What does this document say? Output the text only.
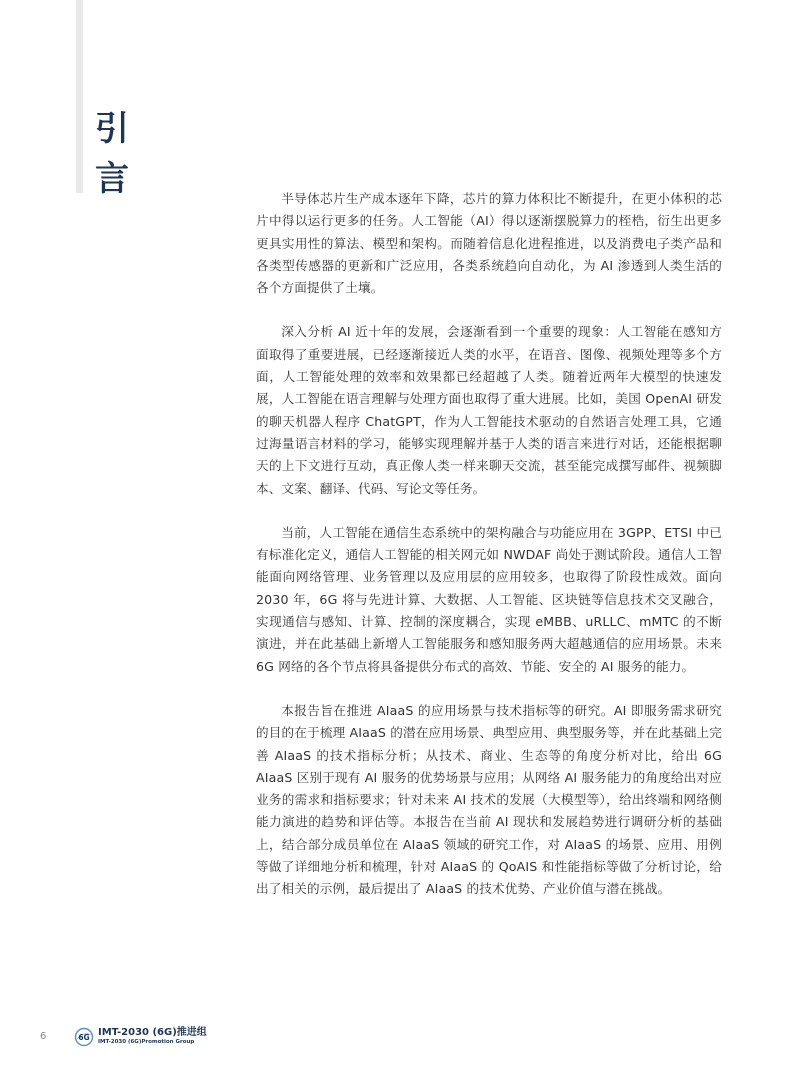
引
言	半导体芯片生产成本逐年下降，芯片的算力体积比不断提升，在更小体积的芯片中得以运行更多的任务。人工智能（AI）得以逐渐摆脱算力的桎梏，衍生出更多更具实用性的算法、模型和架构。而随着信息化进程推进，以及消费电子类产品和各类型传感器的更新和广泛应用，各类系统趋向自动化，为 AI 渗透到人类生活的各个方面提供了土壤。

深入分析 AI 近十年的发展，会逐渐看到一个重要的现象：人工智能在感知方面取得了重要进展，已经逐渐接近人类的水平，在语音、图像、视频处理等多个方面，人工智能处理的效率和效果都已经超越了人类。随着近两年大模型的快速发展，人工智能在语言理解与处理方面也取得了重大进展。比如，美国 OpenAI 研发的聊天机器人程序 ChatGPT，作为人工智能技术驱动的自然语言处理工具，它通过海量语言材料的学习，能够实现理解并基于人类的语言来进行对话，还能根据聊天的上下文进行互动，真正像人类一样来聊天交流，甚至能完成撰写邮件、视频脚本、文案、翻译、代码、写论文等任务。

当前，人工智能在通信生态系统中的架构融合与功能应用在 3GPP、ETSI 中已有标准化定义，通信人工智能的相关网元如 NWDAF 尚处于测试阶段。通信人工智能面向网络管理、业务管理以及应用层的应用较多，也取得了阶段性成效。面向 2030 年，6G 将与先进计算、大数据、人工智能、区块链等信息技术交叉融合，实现通信与感知、计算、控制的深度耦合，实现 eMBB、uRLLC、mMTC 的不断演进，并在此基础上新增人工智能服务和感知服务两大超越通信的应用场景。未来 6G 网络的各个节点将具备提供分布式的高效、节能、安全的 AI 服务的能力。

本报告旨在推进 AIaaS 的应用场景与技术指标等的研究。AI 即服务需求研究的目的在于梳理 AIaaS 的潜在应用场景、典型应用、典型服务等，并在此基础上完善 AIaaS 的技术指标分析；从技术、商业、生态等的角度分析对比，给出 6G AIaaS 区别于现有 AI 服务的优势场景与应用；从网络 AI 服务能力的角度给出对应业务的需求和指标要求；针对未来 AI 技术的发展（大模型等），给出终端和网络侧能力演进的趋势和评估等。本报告在当前 AI 现状和发展趋势进行调研分析的基础上，结合部分成员单位在 AIaaS 领域的研究工作，对 AIaaS 的场景、应用、用例等做了详细地分析和梳理，针对 AIaaS 的 QoAIS 和性能指标等做了分析讨论，给出了相关的示例，最后提出了 AIaaS 的技术优势、产业价值与潜在挑战。

6	6G IMT-2030 (6G)推进组
IMT-2030 (6G)Promotion Group
